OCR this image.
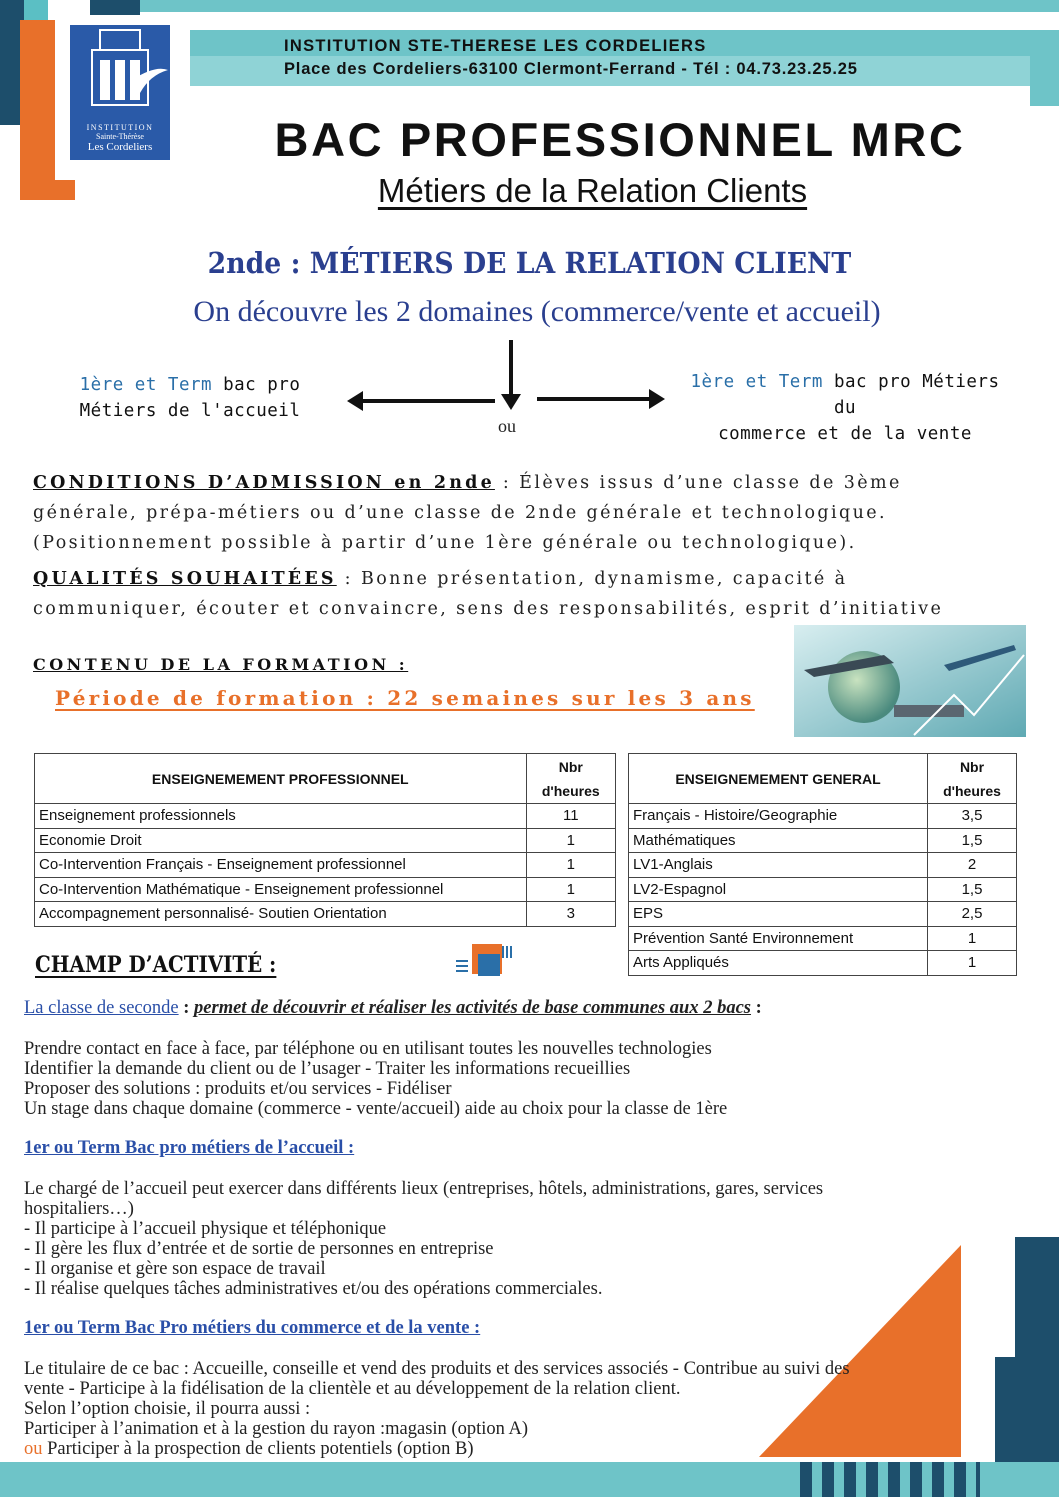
INSTITUTION
Sainte-Thérèse
Les Cordeliers
INSTITUTION STE-THERESE LES CORDELIERS
Place des Cordeliers-63100 Clermont-Ferrand - Tél : 04.73.23.25.25
BAC PROFESSIONNEL MRC
Métiers de la Relation Clients
2nde : MÉTIERS DE LA RELATION CLIENT
On découvre les 2 domaines (commerce/vente et accueil)
1ère et Term bac pro
Métiers de l'accueil
1ère et Term bac pro Métiers du
commerce et de la vente
ou
CONDITIONS D’ADMISSION en 2nde : Élèves issus d’une classe de 3ème générale, prépa-métiers ou d’une classe de 2nde générale et technologique. (Positionnement possible à partir d’une 1ère générale ou technologique).
QUALITÉS SOUHAITÉES : Bonne présentation, dynamisme, capacité à communiquer, écouter et convaincre, sens des responsabilités, esprit d’initiative
CONTENU DE LA FORMATION :
Période de formation : 22 semaines sur les 3 ans
ENSEIGNEMEMENT PROFESSIONNEL	Nbr
d'heures
Enseignement professionnels	11
Economie Droit	1
Co-Intervention Français - Enseignement professionnel	1
Co-Intervention Mathématique - Enseignement professionnel	1
Accompagnement personnalisé- Soutien Orientation	3
ENSEIGNEMEMENT GENERAL	Nbr
d'heures
Français - Histoire/Geographie	3,5
Mathématiques	1,5
LV1-Anglais	2
LV2-Espagnol	1,5
EPS	2,5
Prévention Santé Environnement	1
Arts Appliqués	1
CHAMP D’ACTIVITÉ :
La classe de seconde : permet de découvrir et réaliser les activités de base communes aux 2 bacs :
Prendre contact en face à face, par téléphone ou en utilisant toutes les nouvelles technologies
Identifier la demande du client ou de l’usager - Traiter les informations recueillies
Proposer des solutions : produits et/ou services - Fidéliser
Un stage dans chaque domaine (commerce - vente/accueil) aide au choix pour la classe de 1ère
1er ou Term Bac pro métiers de l’accueil :
Le chargé de l’accueil peut exercer dans différents lieux (entreprises, hôtels, administrations, gares, services
hospitaliers…)
- Il participe à l’accueil physique et téléphonique
- Il gère les flux d’entrée et de sortie de personnes en entreprise
- Il organise et gère son espace de travail
- Il réalise quelques tâches administratives et/ou des opérations commerciales.
1er ou Term Bac Pro métiers du commerce et de la vente :
Le titulaire de ce bac : Accueille, conseille et vend des produits et des services associés - Contribue au suivi des
vente - Participe à la fidélisation de la clientèle et au développement de la relation client.
Selon l’option choisie, il pourra aussi :
Participer à l’animation et à la gestion du rayon :magasin (option A)
ou Participer à la prospection de clients potentiels (option B)
